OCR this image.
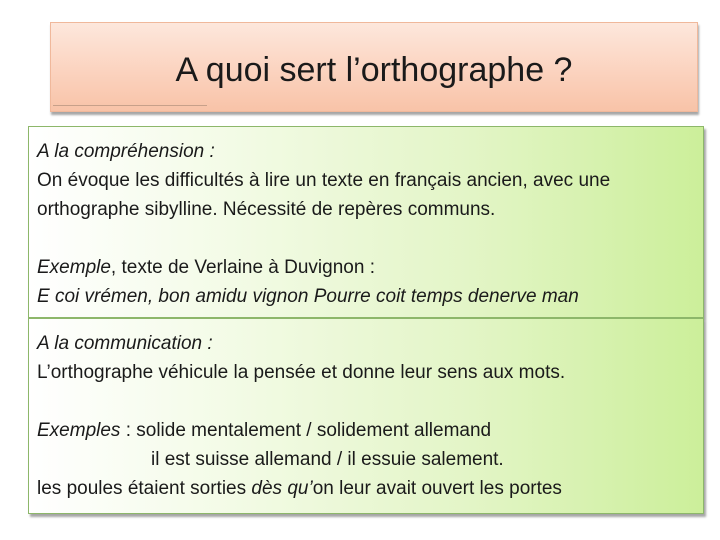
A quoi sert l’orthographe ?
A la compréhension :
On évoque les difficultés à lire un texte en français ancien, avec une
orthographe sibylline. Nécessité de repères communs.
Exemple, texte de Verlaine à Duvignon :
E coi vrémen, bon amidu vignon Pourre coit temps denerve man
A la communication :
L’orthographe véhicule la pensée et donne leur sens aux mots.
Exemples : solide mentalement / solidement allemand
il est suisse allemand / il essuie salement.
les poules étaient sorties dès qu’on leur avait ouvert les portes
